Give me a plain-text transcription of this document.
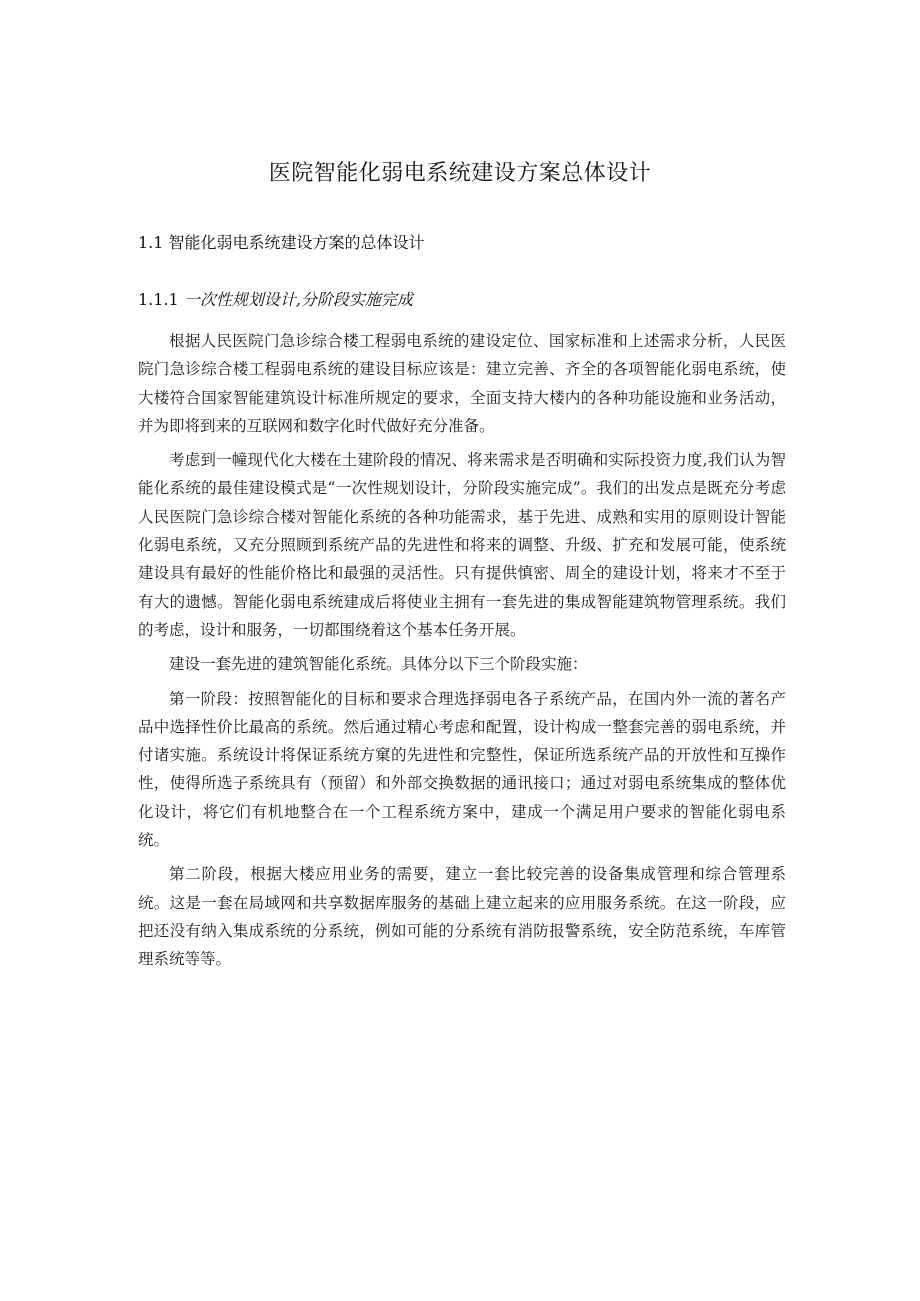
医院智能化弱电系统建设方案总体设计
1.1 智能化弱电系统建设方案的总体设计
1.1.1 一次性规划设计,分阶段实施完成

根据人民医院门急诊综合楼工程弱电系统的建设定位、国家标准和上述需求分析，人民医院门急诊综合楼工程弱电系统的建设目标应该是：建立完善、齐全的各项智能化弱电系统，使大楼符合国家智能建筑设计标准所规定的要求，全面支持大楼内的各种功能设施和业务活动，并为即将到来的互联网和数字化时代做好充分准备。

考虑到一幢现代化大楼在土建阶段的情况、将来需求是否明确和实际投资力度,我们认为智能化系统的最佳建设模式是“一次性规划设计，分阶段实施完成”。我们的出发点是既充分考虑人民医院门急诊综合楼对智能化系统的各种功能需求，基于先进、成熟和实用的原则设计智能化弱电系统，又充分照顾到系统产品的先进性和将来的调整、升级、扩充和发展可能，使系统建设具有最好的性能价格比和最强的灵活性。只有提供慎密、周全的建设计划，将来才不至于有大的遗憾。智能化弱电系统建成后将使业主拥有一套先进的集成智能建筑物管理系统。我们的考虑，设计和服务，一切都围绕着这个基本任务开展。

建设一套先进的建筑智能化系统。具体分以下三个阶段实施：

第一阶段：按照智能化的目标和要求合理选择弱电各子系统产品，在国内外一流的著名产品中选择性价比最高的系统。然后通过精心考虑和配置，设计构成一整套完善的弱电系统，并付诸实施。系统设计将保证系统方窠的先进性和完整性，保证所选系统产品的开放性和互操作性，使得所选子系统具有（预留）和外部交换数据的通讯接口；通过对弱电系统集成的整体优化设计，将它们有机地整合在一个工程系统方案中，建成一个满足用户要求的智能化弱电系统。

第二阶段，根据大楼应用业务的需要，建立一套比较完善的设备集成管理和综合管理系统。这是一套在局域网和共享数据库服务的基础上建立起来的应用服务系统。在这一阶段，应把还没有纳入集成系统的分系统，例如可能的分系统有消防报警系统，安全防范系统，车库管理系统等等。
